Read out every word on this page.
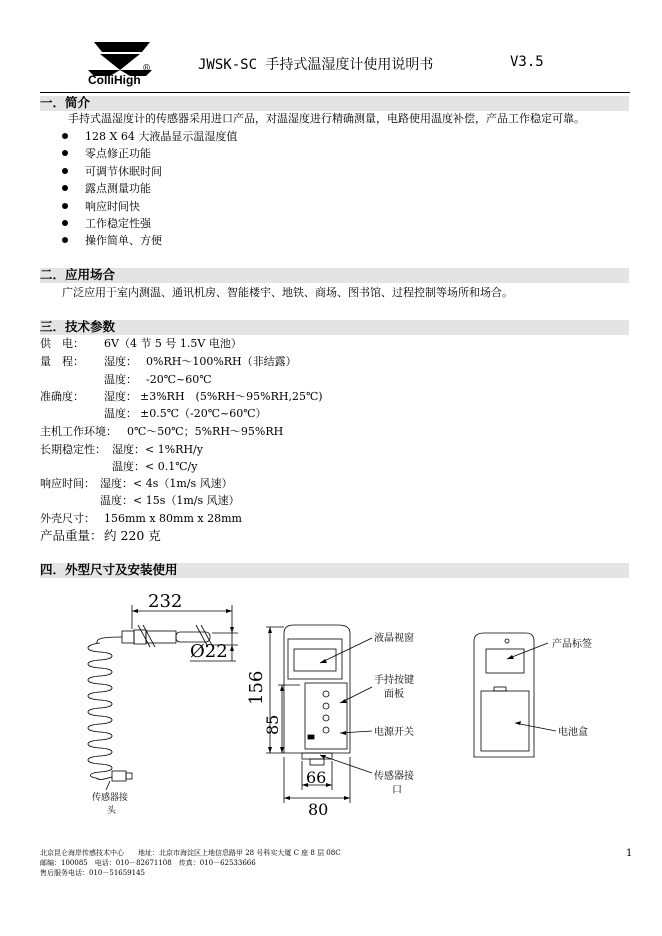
ColliHigh
®	JWSK-SC 手持式温湿度计使用说明书	V3.5
一．简介
手持式温湿度计的传感器采用进口产品，对温湿度进行精确测量，电路使用温度补偿，产品工作稳定可靠。
128 X 64 大液晶显示温湿度值
零点修正功能
可调节休眠时间
露点测量功能
响应时间快
工作稳定性强
操作简单、方便
二．应用场合
广泛应用于室内测温、通讯机房、智能楼宇、地铁、商场、图书馆、过程控制等场所和场合。
三．技术参数
供　电： 6V（4 节 5 号 1.5V 电池）
量　程： 湿度： 0%RH～100%RH（非结露）
温度： -20℃~60℃
准确度： 湿度： ±3%RH　(5%RH～95%RH,25℃)
温度： ±0.5℃（-20℃~60℃）
主机工作环境： 0℃～50℃；5%RH～95%RH
长期稳定性： 湿度：< 1%RH/y
温度：< 0.1℃/y
响应时间： 湿度：< 4s（1m/s 风速）
温度：< 15s（1m/s 风速）
外壳尺寸： 156mm x 80mm x 28mm
产品重量： 约 220 克
四．外型尺寸及安装使用
232
Ø22
156
85
66
80
液晶视窗
手持按键
面板
电源开关
传感器接
口
产品标签
电池盒
传感器接
头
北京昆仑海岸传感技术中心　　地址：北京市海淀区上地信息路甲 28 号科实大厦 C 座 8 层 08C
邮编：100085　电话：010－82671108　传真：010－62533666
售后服务电话：010－51659145
1
